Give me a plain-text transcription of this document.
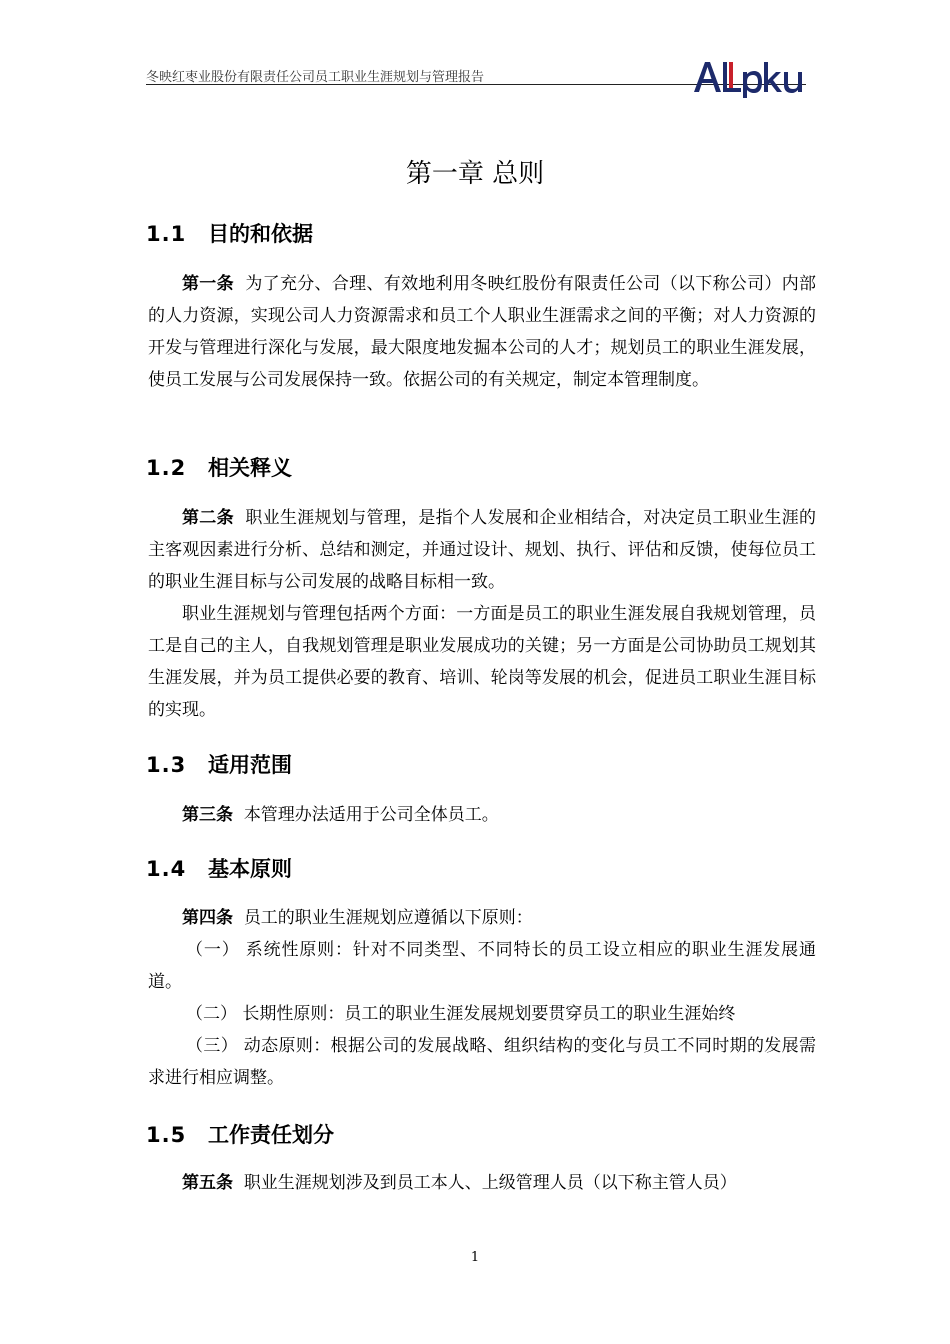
冬映红枣业股份有限责任公司员工职业生涯规划与管理报告
第一章 总则
1.1 目的和依据
第一条 为了充分、合理、有效地利用冬映红股份有限责任公司（以下称公司）内部的人力资源，实现公司人力资源需求和员工个人职业生涯需求之间的平衡；对人力资源的开发与管理进行深化与发展，最大限度地发掘本公司的人才；规划员工的职业生涯发展，使员工发展与公司发展保持一致。依据公司的有关规定，制定本管理制度。
1.2 相关释义
第二条 职业生涯规划与管理，是指个人发展和企业相结合，对决定员工职业生涯的主客观因素进行分析、总结和测定，并通过设计、规划、执行、评估和反馈，使每位员工的职业生涯目标与公司发展的战略目标相一致。
职业生涯规划与管理包括两个方面：一方面是员工的职业生涯发展自我规划管理，员工是自己的主人，自我规划管理是职业发展成功的关键；另一方面是公司协助员工规划其生涯发展，并为员工提供必要的教育、培训、轮岗等发展的机会，促进员工职业生涯目标的实现。
1.3 适用范围
第三条 本管理办法适用于公司全体员工。
1.4 基本原则
第四条 员工的职业生涯规划应遵循以下原则：
（一） 系统性原则：针对不同类型、不同特长的员工设立相应的职业生涯发展通道。
（二） 长期性原则：员工的职业生涯发展规划要贯穿员工的职业生涯始终
（三） 动态原则：根据公司的发展战略、组织结构的变化与员工不同时期的发展需求进行相应调整。
1.5 工作责任划分
第五条 职业生涯规划涉及到员工本人、上级管理人员（以下称主管人员）
1
